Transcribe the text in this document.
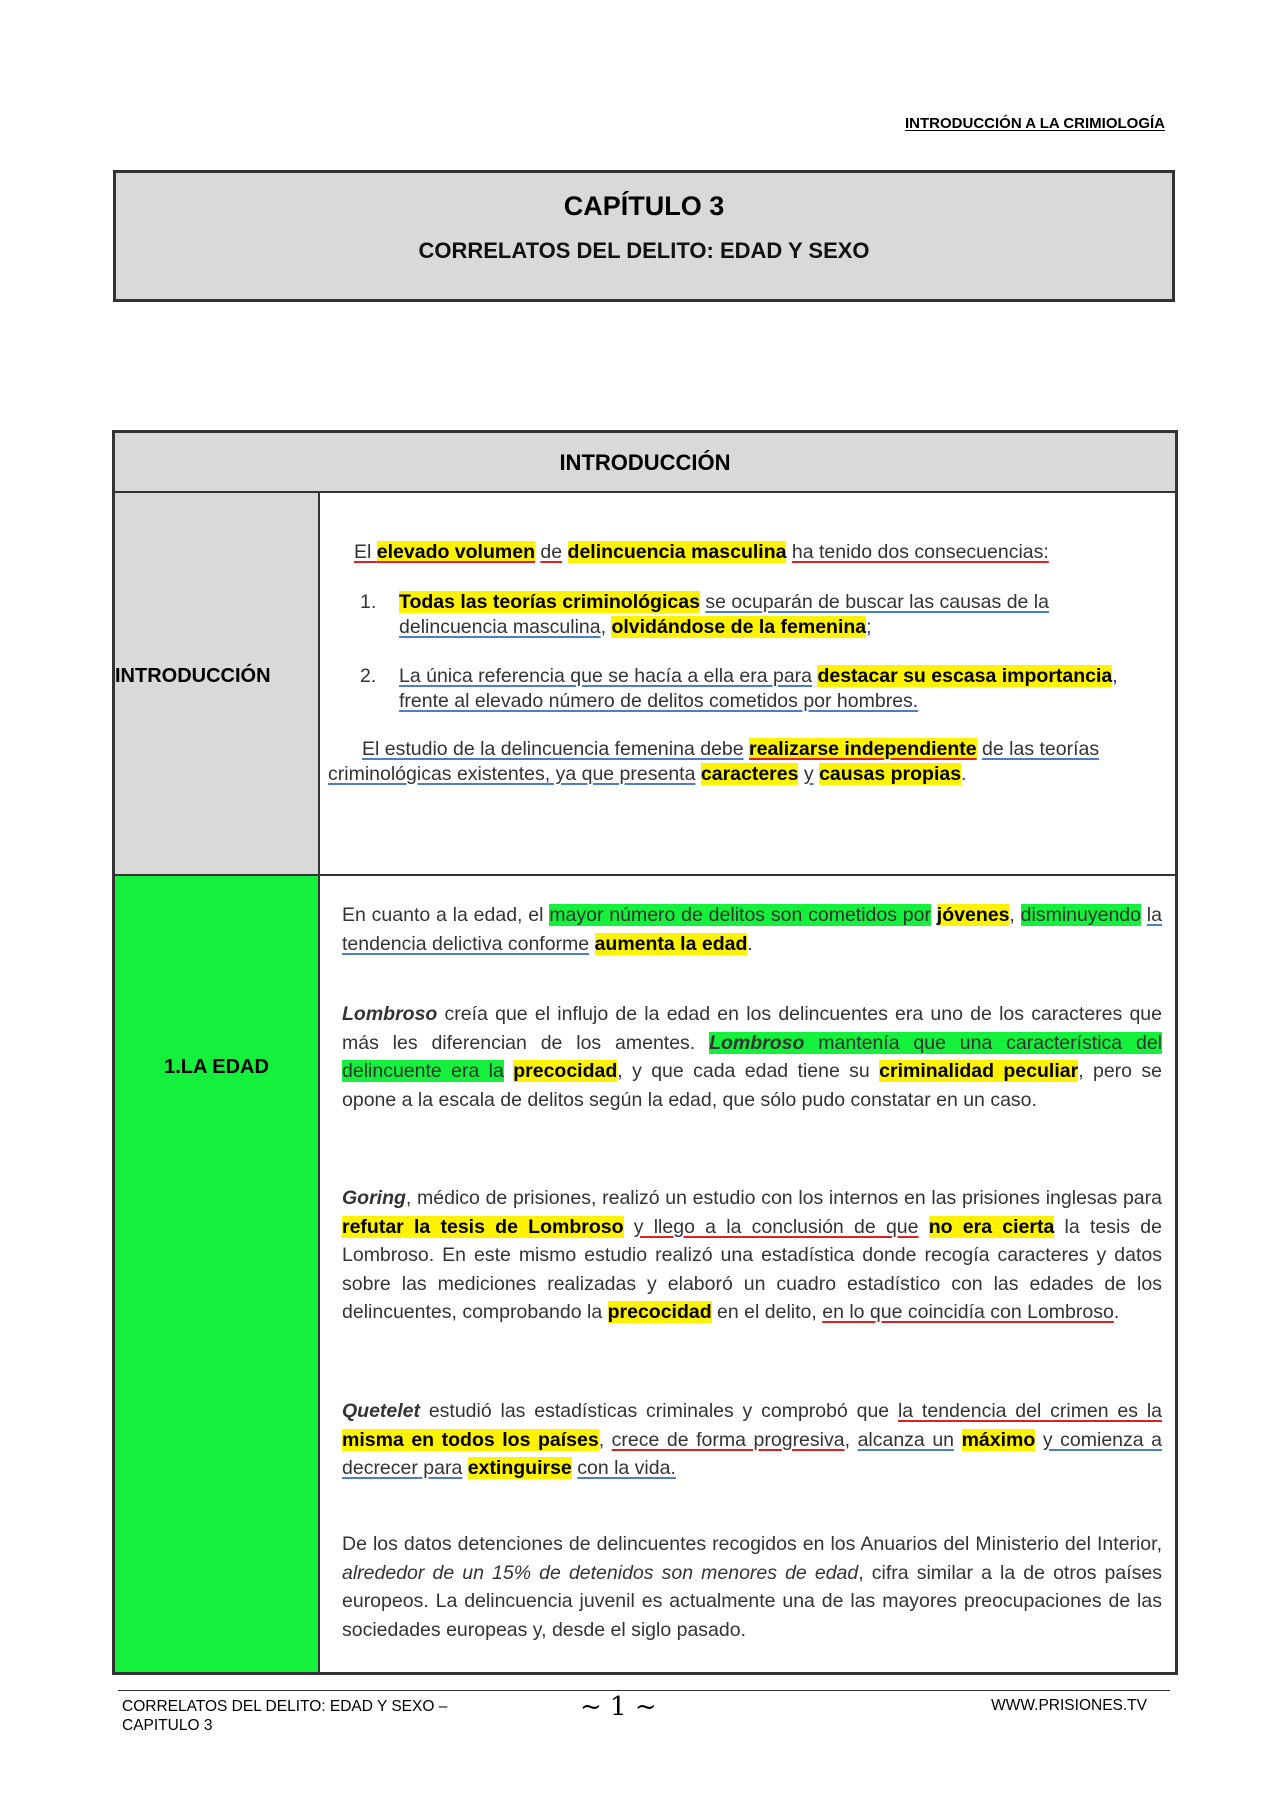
INTRODUCCIÓN A LA CRIMIOLOGÍA
CAPÍTULO 3
CORRELATOS DEL DELITO: EDAD Y SEXO
INTRODUCCIÓN
INTRODUCCIÓN
El elevado volumen de delincuencia masculina ha tenido dos consecuencias:
1.	Todas las teorías criminológicas se ocuparán de buscar las causas de la delincuencia masculina, olvidándose de la femenina;
2.	La única referencia que se hacía a ella era para destacar su escasa importancia, frente al elevado número de delitos cometidos por hombres.
El estudio de la delincuencia femenina debe realizarse independiente de las teorías criminológicas existentes, ya que presenta caracteres y causas propias.
1.LA EDAD
En cuanto a la edad, el mayor número de delitos son cometidos por jóvenes, disminuyendo la tendencia delictiva conforme aumenta la edad.
Lombroso creía que el influjo de la edad en los delincuentes era uno de los caracteres que más les diferencian de los amentes. Lombroso mantenía que una característica del delincuente era la precocidad, y que cada edad tiene su criminalidad peculiar, pero se opone a la escala de delitos según la edad, que sólo pudo constatar en un caso.
Goring, médico de prisiones, realizó un estudio con los internos en las prisiones inglesas para refutar la tesis de Lombroso y llego a la conclusión de que no era cierta la tesis de Lombroso. En este mismo estudio realizó una estadística donde recogía caracteres y datos sobre las mediciones realizadas y elaboró un cuadro estadístico con las edades de los delincuentes, comprobando la precocidad en el delito, en lo que coincidía con Lombroso.
Quetelet estudió las estadísticas criminales y comprobó que la tendencia del crimen es la misma en todos los países, crece de forma progresiva, alcanza un máximo y comienza a decrecer para extinguirse con la vida.
De los datos detenciones de delincuentes recogidos en los Anuarios del Ministerio del Interior, alrededor de un 15% de detenidos son menores de edad, cifra similar a la de otros países europeos. La delincuencia juvenil es actualmente una de las mayores preocupaciones de las sociedades europeas y, desde el siglo pasado.
CORRELATOS DEL DELITO: EDAD Y SEXO –
CAPITULO 3
~ 1 ~	WWW.PRISIONES.TV
